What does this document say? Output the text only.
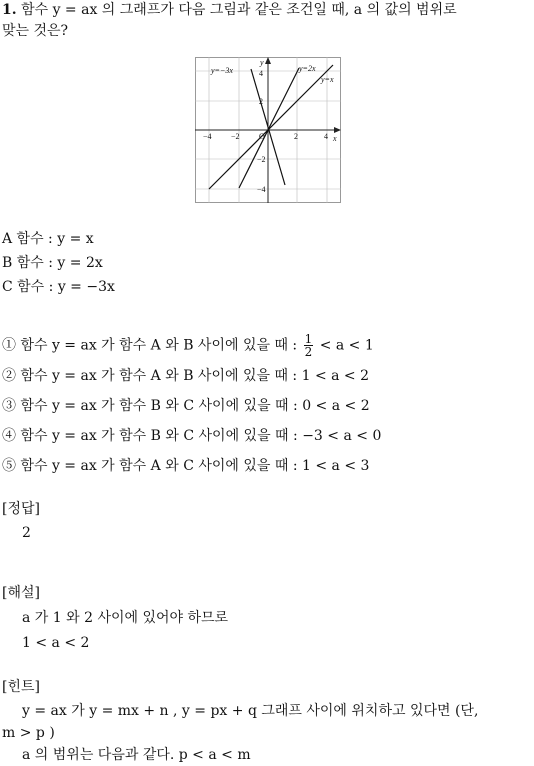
1. 함수 y = ax 의 그래프가 다음 그림과 같은 조건일 때, a 의 값의 범위로
맞는 것은?
y=−3x	y=2x
y=x
y
x
O
−4 −2	2	4
4
2
−2
−4
A 함수 : y = x
B 함수 : y = 2x
C 함수 : y = −3x
① 함수 y = ax 가 함수 A 와 B 사이에 있을 때 : $\frac{1}{2} < a < 1$
② 함수 y = ax 가 함수 A 와 B 사이에 있을 때 : 1 < a < 2
③ 함수 y = ax 가 함수 B 와 C 사이에 있을 때 : 0 < a < 2
④ 함수 y = ax 가 함수 B 와 C 사이에 있을 때 : −3 < a < 0
⑤ 함수 y = ax 가 함수 A 와 C 사이에 있을 때 : 1 < a < 3
[정답]
2
[해설]
a 가 1 와 2 사이에 있어야 하므로
1 < a < 2
[힌트]
y = ax 가 y = mx + n , y = px + q 그래프 사이에 위치하고 있다면 (단,
m > p )
a 의 범위는 다음과 같다. p < a < m
